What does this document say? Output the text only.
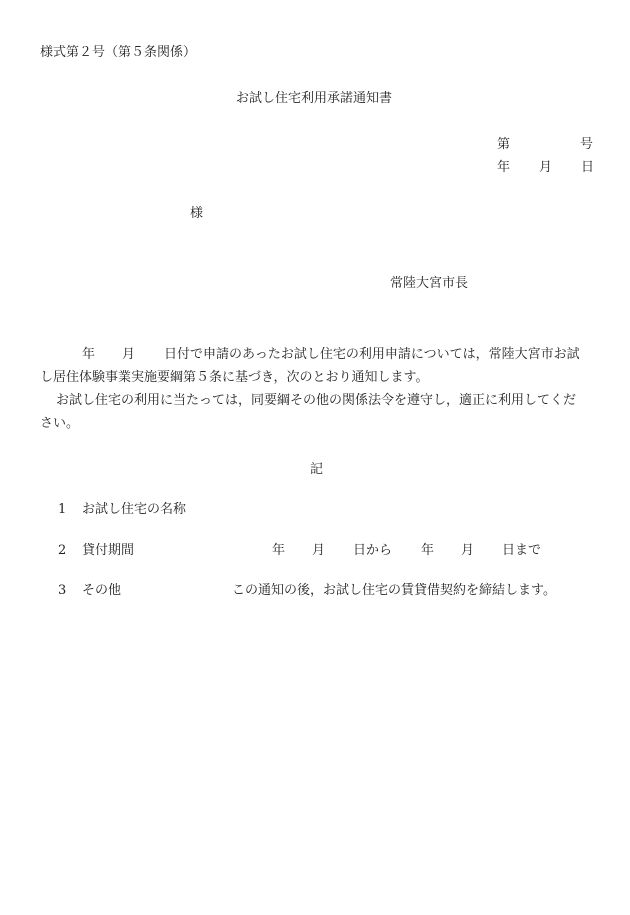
様式第２号（第５条関係）
お試し住宅利用承諾通知書
第	号
年 月 日
様
常陸大宮市長
年 月 日付で申請のあったお試し住宅の利用申請については，常陸大宮市お試
し居住体験事業実施要綱第５条に基づき，次のとおり通知します。
お試し住宅の利用に当たっては，同要綱その他の関係法令を遵守し，適正に利用してくだ
さい。
記
1 お試し住宅の名称
2 貸付期間	年 月 日から 年 月 日まで
3 その他	この通知の後，お試し住宅の賃貸借契約を締結します。
